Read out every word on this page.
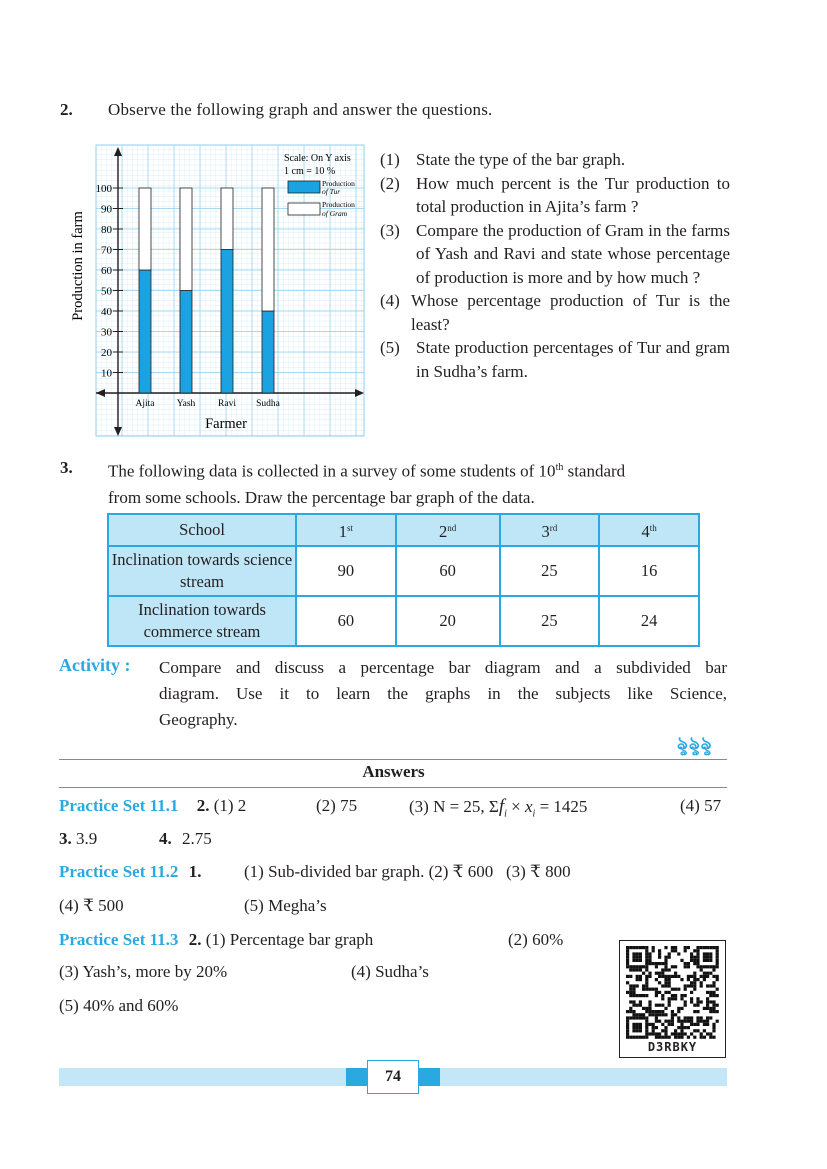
2. Observe the following graph and answer the questions.
100
90
80
70
60
50
40
30
20
10
Ajita Yash Ravi Sudha
Production in farm
Farmer
Scale: On Y axis
1 cm = 10 %
Production
of Tur
Production
of Gram
(1) State the type of the bar graph.
(2) How much percent is the Tur production to total production in Ajita’s farm ?
(3) Compare the production of Gram in the farms of Yash and Ravi and state whose percentage of production is more and by how much ?
(4) Whose percentage production of Tur is the least?
(5) State production percentages of Tur and gram in Sudha’s farm.
3. The following data is collected in a survey of some students of 10th standard
from some schools. Draw the percentage bar graph of the data.
School	1st	2nd	3rd	4th
Inclination towards science stream	90	60	25	16
Inclination towards commerce stream	60	20	25	24
Activity : Compare and discuss a percentage bar diagram and a subdivided bar
diagram. Use it to learn the graphs in the subjects like Science,
Geography.
ৡৡৡ
Answers
Practice Set 11.1 2. (1) 2	(2) 75	(3) N = 25, $\Sigma f_i \times x_i = 1425$	(4) 57
3. 3.9	4. 2.75
Practice Set 11.2 1.	(1) Sub-divided bar graph. (2) ₹ 600   (3) ₹ 800
(4) ₹ 500	(5) Megha’s
Practice Set 11.3 2. (1) Percentage bar graph	(2) 60%
(3) Yash’s, more by 20%	(4) Sudha’s
(5) 40% and 60%
D3RBKY
74
